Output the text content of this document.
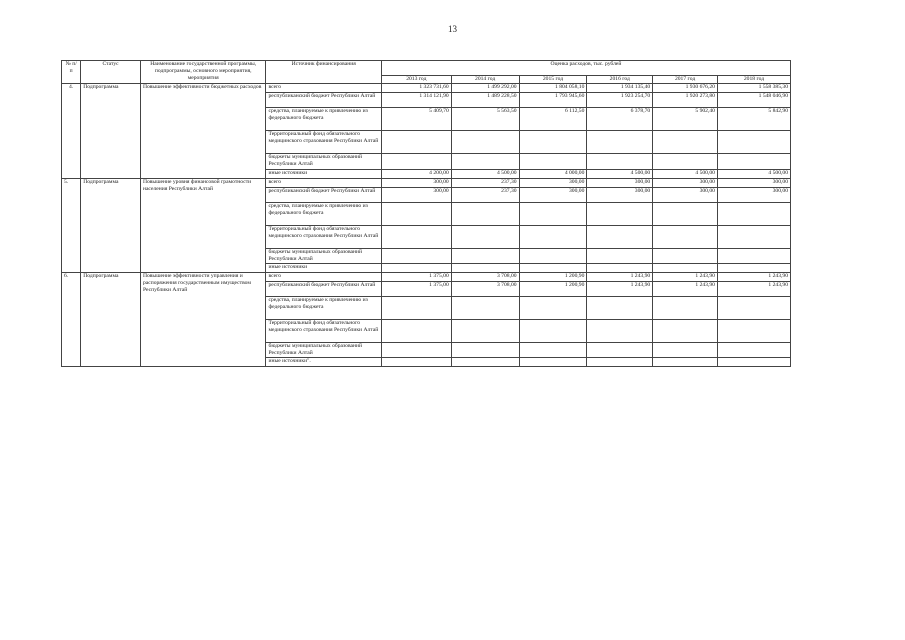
13
№ п/п	Статус	Наименование государственной программы, подпрограммы, основного мероприятия, мероприятия	Источник финансирования	Оценка расходов, тыс. рублей					
				2013 год	2014 год	2015 год	2016 год	2017 год	2018 год
4.	Подпрограмма	Повышение эффективности бюджетных расходов	всего	1 323 731,60	1 499 292,00	1 804 058,10	1 934 135,40	1 930 676,20	1 558 385,30
			республиканский бюджет Республики Алтай	1 314 121,90	1 489 228,50	1 793 945,60	1 923 254,70	1 920 273,80	1 548 046,90
			средства, планируемые к привлечению из федерального бюджета	5 409,70	5 563,50	6 112,50	6 378,70	5 902,40	5 842,90
			Территориальный фонд обязательного медицинского страхования Республики Алтай						
			бюджеты муниципальных образований Республики Алтай						
			иные источники	4 200,00	4 500,00	4 000,00	4 500,00	4 500,00	4 500,00
5.	Подпрограмма	Повышение уровня финансовой грамотности населения Республики Алтай	всего	300,00	237,30	300,00	300,00	300,00	300,00
			республиканский бюджет Республики Алтай	300,00	237,30	300,00	300,00	300,00	300,00
			средства, планируемые к привлечению из федерального бюджета						
			Территориальный фонд обязательного медицинского страхования Республики Алтай						
			бюджеты муниципальных образований Республики Алтай						
			иные источники						
6.	Подпрограмма	Повышение эффективности управления и распоряжения государственным имуществом Республики Алтай	всего	1 375,00	3 708,00	1 200,90	1 243,90	1 243,90	1 243,90
			республиканский бюджет Республики Алтай	1 375,00	3 708,00	1 200,90	1 243,90	1 243,90	1 243,90
			средства, планируемые к привлечению из федерального бюджета						
			Территориальный фонд обязательного медицинского страхования Республики Алтай						
			бюджеты муниципальных образований Республики Алтай						
			иные источники".						
